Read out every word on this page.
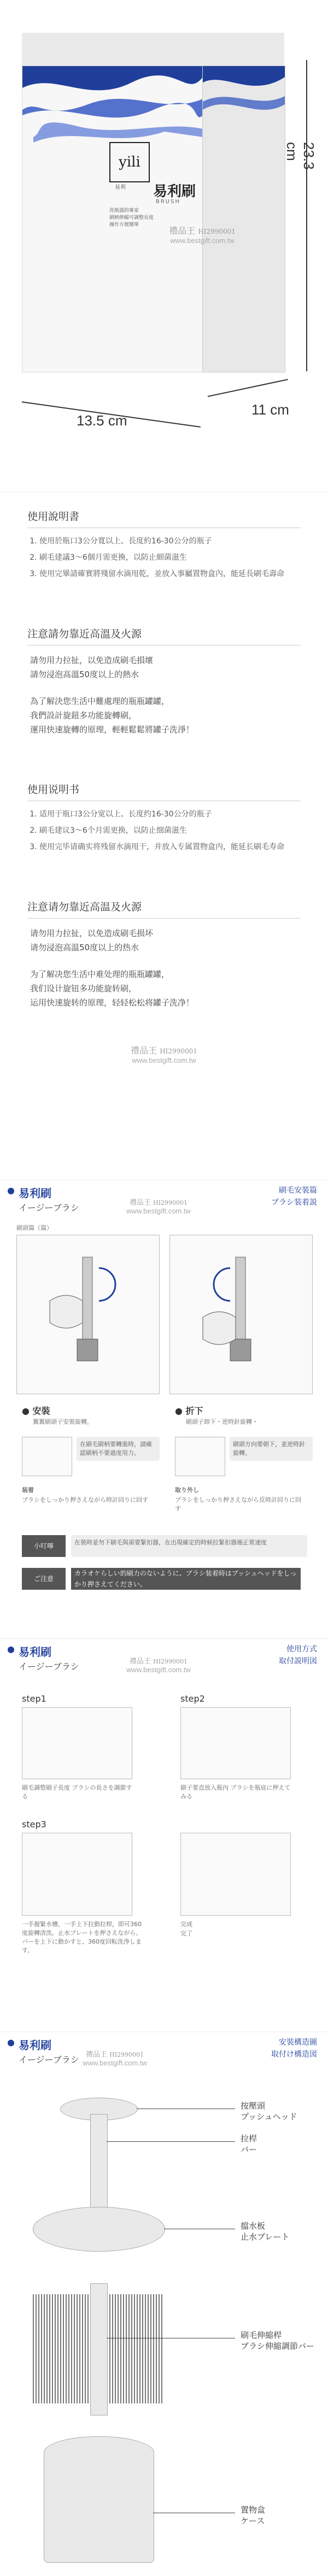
yili
易利 易利刷
BRUSH
洗瓶器的專家
刷柄伸縮可調整長度
操作方便簡單
13.5 cm
11 cm
23.3 cm
禮品王 HI2990001
www.bestgift.com.tw
使用說明書
1. 使用於瓶口3公分寬以上、長度約16-30公分的瓶子
2. 刷毛建議3～6個月需更換，以防止細菌滋生
3. 使用完畢請確實將殘留水滴甩乾，並放入事屬置物盒內，能延長刷毛壽命
注意請勿靠近高溫及火源
請勿用力拉扯，以免造成刷毛損壞
請勿浸泡高溫50度以上的熱水
為了解決您生活中難處理的瓶瓶罐罐，
我們設計旋鈕多功能旋轉刷，
運用快速旋轉的原理，輕輕鬆鬆將罐子洗淨！
使用说明书
1. 适用于瓶口3公分宽以上、长度约16-30公分的瓶子
2. 刷毛建议3～6个月需更换，以防止细菌滋生
3. 使用完毕请确实将残留水滴甩干，并放入专属置物盒内，能延长刷毛寿命
注意请勿靠近高温及火源
请勿用力拉扯，以免造成刷毛损坏
请勿浸泡高温50度以上的热水
为了解决您生活中难处理的瓶瓶罐罐，
我们设计旋钮多功能旋转刷，
运用快速旋转的原理，轻轻松松将罐子洗净！
禮品王 HI2990001
www.bestgift.com.tw
易利刷
イージーブラシ
刷毛安裝篇
ブラシ装着説
禮品王 HI2990001
www.bestgift.com.tw
刷頭篇（篇）
● 安裝
翼翼刷頭子安裝旋轉，
● 折下
刷頭子卸下・逆時針旋轉・
在刷毛刷柄要轉進時，請確認刷柄不要過度用力。
刷頭方向要朝下，並逆時針旋轉。
装着
ブラシをしっかり押さえながら時計回りに回す
取り外し
ブラシをしっかり押さえながら反時計回りに回す
小叮嚀	在裝時並勿下刷毛與需要緊扣器，在出現確定的時候拉緊扣器施正常速度
ご注意
カラオケらしい的刷力のないように、ブラシ装着時はプッシュヘッドをしっかり押さえてください。
易利刷
イージーブラシ
使用方式
取付説明図
禮品王 HI2990001
www.bestgift.com.tw
step1
刷毛調整刷子長度 ブラシの長さを調節する
step2
刷子要直放入瓶內 ブラシを瓶底に押えてみる
step3
一手握緊水槽，一手上下拉動拉桿，即可360度旋轉清洗。止水プレートを押さえながら、バーを上下に動かすと、360度回転洗浄します。
完成
完了
易利刷
イージーブラシ
安裝構造圖
取付け構造図
禮品王 HI2990001
www.bestgift.com.tw
按壓頭
プッシュヘッド
拉桿
バー
擋水板
止水プレート
刷毛伸縮桿
ブラシ伸縮調節バー
置物盒
ケース
